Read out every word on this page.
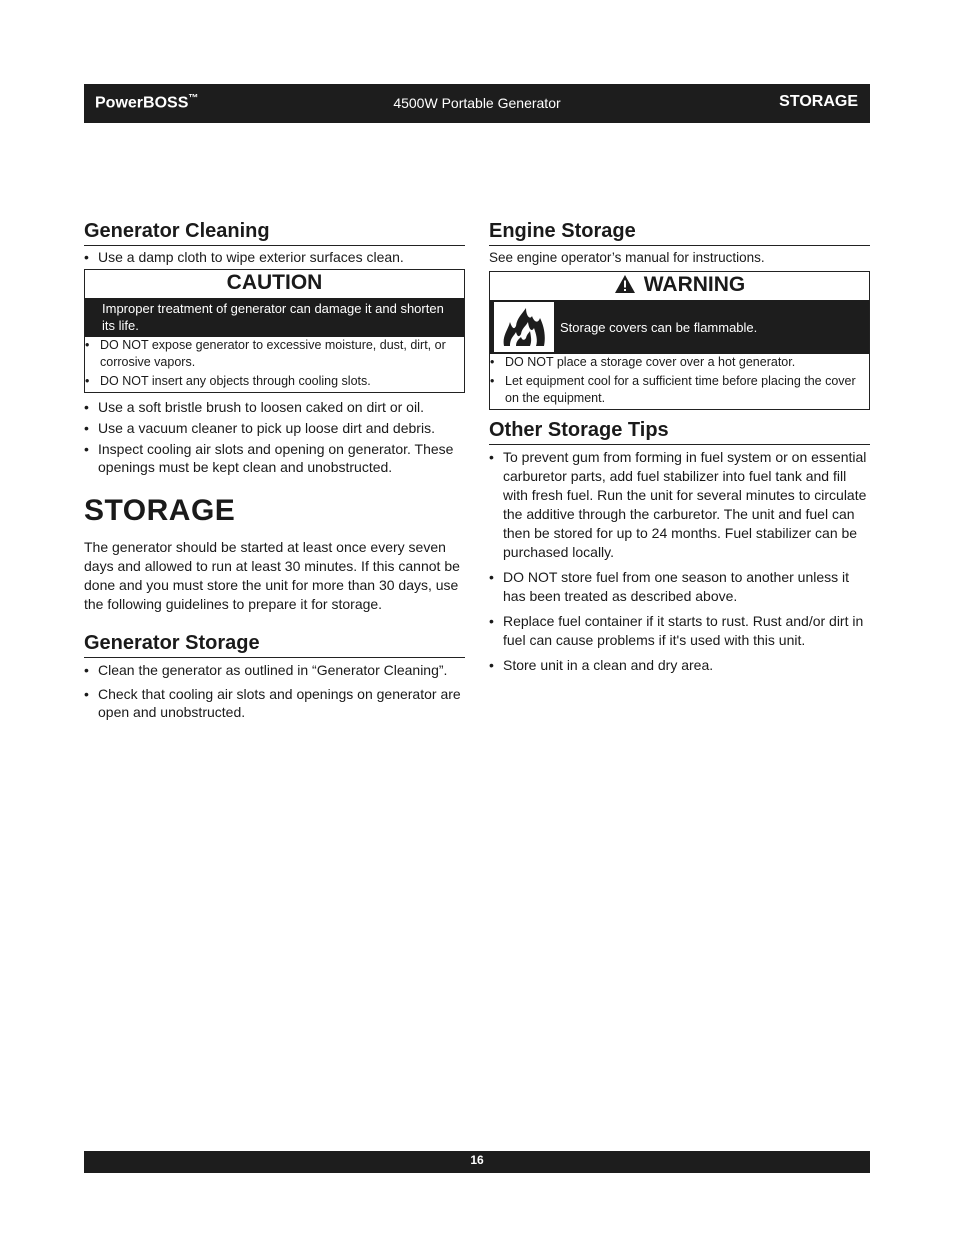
PowerBOSS™	4500W Portable Generator	STORAGE
Generator Cleaning
• Use a damp cloth to wipe exterior surfaces clean.
CAUTION
Improper treatment of generator can damage it and shorten its life.
• DO NOT expose generator to excessive moisture, dust, dirt, or corrosive vapors.
• DO NOT insert any objects through cooling slots.
• Use a soft bristle brush to loosen caked on dirt or oil.
• Use a vacuum cleaner to pick up loose dirt and debris.
• Inspect cooling air slots and opening on generator. These openings must be kept clean and unobstructed.
STORAGE

The generator should be started at least once every seven days and allowed to run at least 30 minutes. If this cannot be done and you must store the unit for more than 30 days, use the following guidelines to prepare it for storage.

Generator Storage
• Clean the generator as outlined in “Generator Cleaning”.
• Check that cooling air slots and openings on generator are open and unobstructed.
Engine Storage

See engine operator’s manual for instructions.

WARNING
Storage covers can be flammable.
• DO NOT place a storage cover over a hot generator.
• Let equipment cool for a sufficient time before placing the cover on the equipment.
Other Storage Tips
• To prevent gum from forming in fuel system or on essential carburetor parts, add fuel stabilizer into fuel tank and fill with fresh fuel. Run the unit for several minutes to circulate the additive through the carburetor. The unit and fuel can then be stored for up to 24 months. Fuel stabilizer can be purchased locally.
• DO NOT store fuel from one season to another unless it has been treated as described above.
• Replace fuel container if it starts to rust. Rust and/or dirt in fuel can cause problems if it's used with this unit.
• Store unit in a clean and dry area.
16
